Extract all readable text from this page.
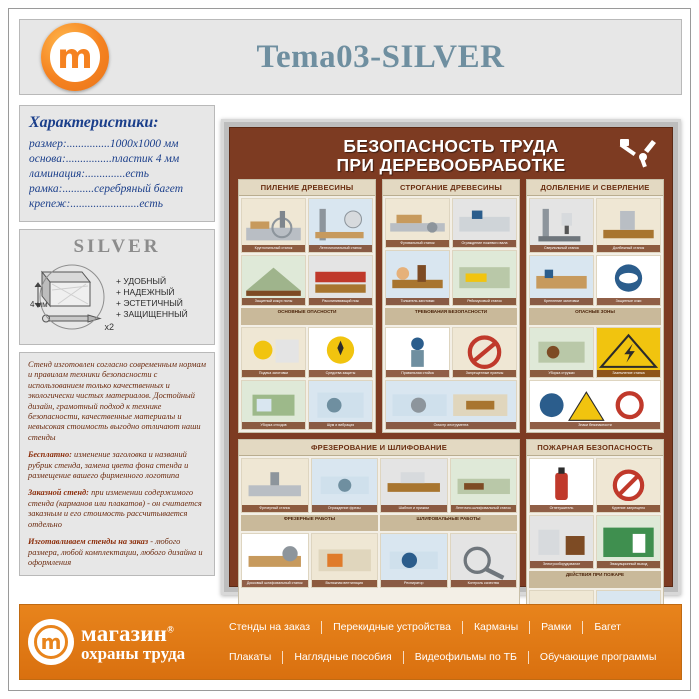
m	Tema03-SILVER
Характеристики:
размер:...............1000x1000 мм
основа:................пластик 4 мм
ламинация:..............есть
рамка:...........серебряный багет
крепеж:........................есть
SILVER
4 мм
x2
+ УДОБНЫЙ
+ НАДЕЖНЫЙ
+ ЭСТЕТИЧНЫЙ
+ ЗАЩИЩЕННЫЙ

Стенд изготовлен согласно современным нормам и правилам техники безопасности с использованием только качественных и экологически чистых материалов. Достойный дизайн, грамотный подход к технике безопасности, качественные материалы и невысокая стоимость выгодно отличают наши стенды

Бесплатно: изменение заголовка и названий рубрик стенда, замена цвета фона стенда и размещение вашего фирменного логотипа

Заказной стенд: при изменении содержимого стенда (карманов или плакатов) - он считается заказным и его стоимость рассчитывается отдельно

Изготавливаем стенды на заказ - любого размера, любой комплектации, любого дизайна и оформления

БЕЗОПАСНОСТЬ ТРУДА
ПРИ ДЕРЕВООБРАБОТКЕ
ПИЛЕНИЕ ДРЕВЕСИНЫ
Круглопильный станок	Ленточнопильный станок
Защитный кожух пилы	Расклинивающий нож
ОСНОВНЫЕ ОПАСНОСТИ
Подача заготовки	Средства защиты
Уборка отходов	Шум и вибрация
СТРОГАНИЕ ДРЕВЕСИНЫ
Фуговальный станок	Ограждение ножевого вала
Толкатель заготовки	Рейсмусовый станок
ТРЕБОВАНИЯ БЕЗОПАСНОСТИ
Правильная стойка	Запрещенные приемы
Осмотр инструмента
ДОЛБЛЕНИЕ И СВЕРЛЕНИЕ
Сверлильный станок	Долбежный станок
Крепление заготовки	Защитные очки
ОПАСНЫЕ ЗОНЫ
Уборка стружки	Заземление станка
Знаки безопасности
ФРЕЗЕРОВАНИЕ И ШЛИФОВАНИЕ
Фрезерный станок	Ограждение фрезы	Шаблон и прижим	Ленточно-шлифовальный станок
ФРЕЗЕРНЫЕ РАБОТЫ	ШЛИФОВАЛЬНЫЕ РАБОТЫ
Дисковый шлифовальный станок	Вытяжная вентиляция	Респиратор	Контроль качества
ПОЖАРНАЯ БЕЗОПАСНОСТЬ
Огнетушитель	Курение запрещено
Электрооборудование	Эвакуационный выход
ДЕЙСТВИЯ ПРИ ПОЖАРЕ
m магазин®
охраны труда
Стенды на заказ	Перекидные устройства	Карманы	Рамки	Багет
Плакаты	Наглядные пособия	Видеофильмы по ТБ	Обучающие программы
